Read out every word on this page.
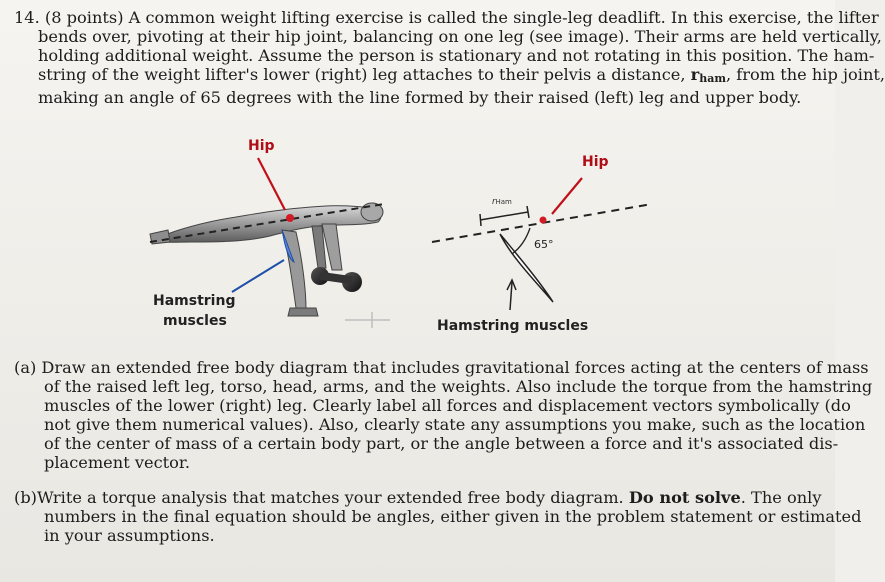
14. (8 points) A common weight lifting exercise is called the single-leg deadlift. In this exercise, the lifter
bends over, pivoting at their hip joint, balancing on one leg (see image). Their arms are held vertically,
holding additional weight. Assume the person is stationary and not rotating in this position. The ham-
string of the weight lifter's lower (right) leg attaches to their pelvis a distance, rham, from the hip joint,
making an angle of 65 degrees with the line formed by their raised (left) leg and upper body.
Hip
Hamstring
muscles
Hip
rHam
65°
Hamstring muscles
(a) Draw an extended free body diagram that includes gravitational forces acting at the centers of mass
of the raised left leg, torso, head, arms, and the weights. Also include the torque from the hamstring
muscles of the lower (right) leg. Clearly label all forces and displacement vectors symbolically (do
not give them numerical values). Also, clearly state any assumptions you make, such as the location
of the center of mass of a certain body part, or the angle between a force and it's associated dis-
placement vector.
(b)Write a torque analysis that matches your extended free body diagram. Do not solve. The only
numbers in the final equation should be angles, either given in the problem statement or estimated
in your assumptions.
